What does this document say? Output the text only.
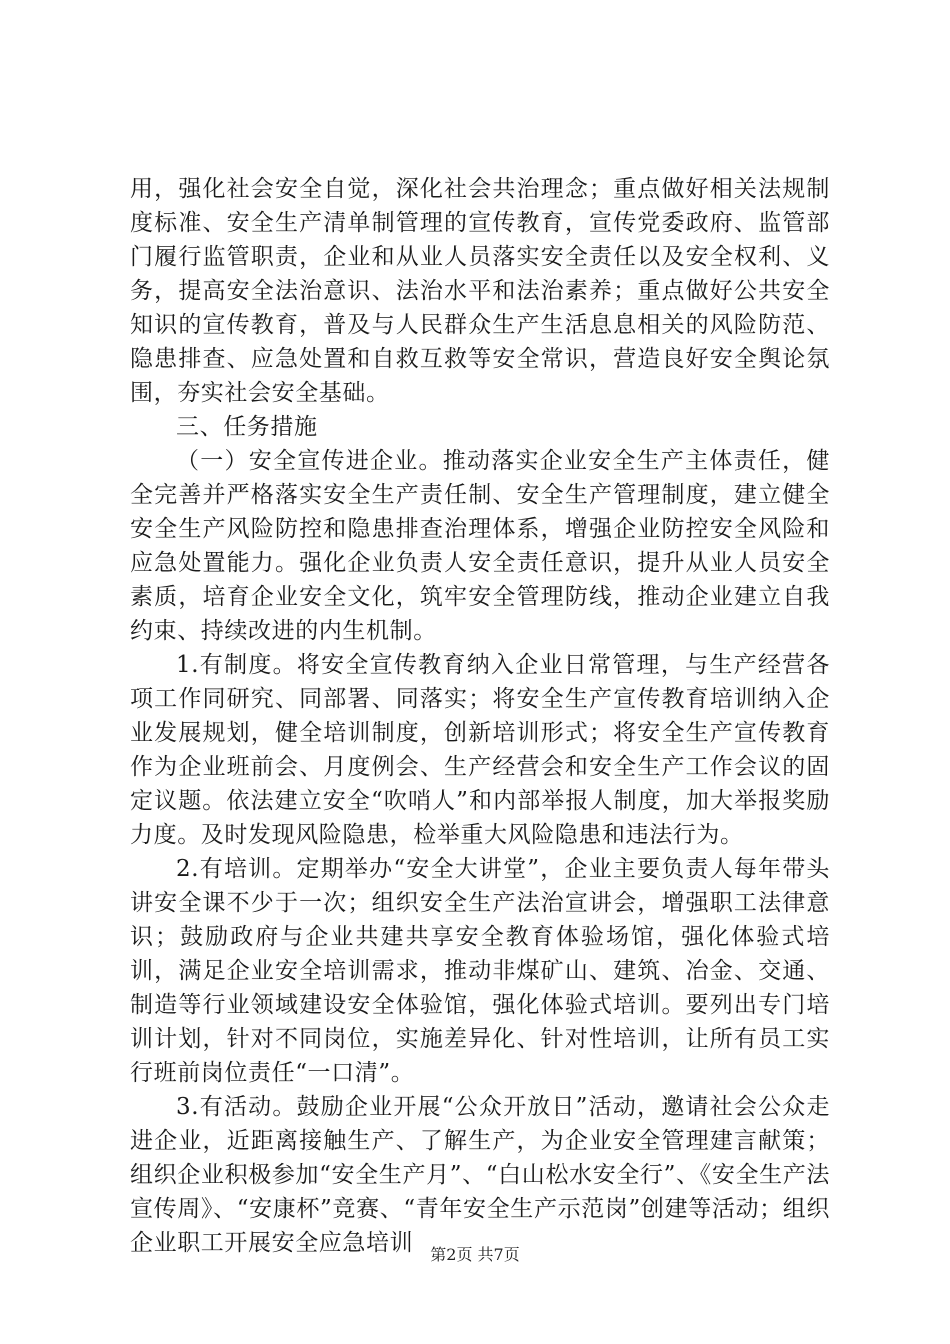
用，强化社会安全自觉，深化社会共治理念；重点做好相关法规制度标准、安全生产清单制管理的宣传教育，宣传党委政府、监管部门履行监管职责，企业和从业人员落实安全责任以及安全权利、义务，提高安全法治意识、法治水平和法治素养；重点做好公共安全知识的宣传教育，普及与人民群众生产生活息息相关的风险防范、隐患排查、应急处置和自救互救等安全常识，营造良好安全舆论氛围，夯实社会安全基础。

三、任务措施

（一）安全宣传进企业。推动落实企业安全生产主体责任，健全完善并严格落实安全生产责任制、安全生产管理制度，建立健全安全生产风险防控和隐患排查治理体系，增强企业防控安全风险和应急处置能力。强化企业负责人安全责任意识，提升从业人员安全素质，培育企业安全文化，筑牢安全管理防线，推动企业建立自我约束、持续改进的内生机制。

1.有制度。将安全宣传教育纳入企业日常管理，与生产经营各项工作同研究、同部署、同落实；将安全生产宣传教育培训纳入企业发展规划，健全培训制度，创新培训形式；将安全生产宣传教育作为企业班前会、月度例会、生产经营会和安全生产工作会议的固定议题。依法建立安全“吹哨人”和内部举报人制度，加大举报奖励力度。及时发现风险隐患，检举重大风险隐患和违法行为。

2.有培训。定期举办“安全大讲堂”，企业主要负责人每年带头讲安全课不少于一次；组织安全生产法治宣讲会，增强职工法律意识；鼓励政府与企业共建共享安全教育体验场馆，强化体验式培训，满足企业安全培训需求，推动非煤矿山、建筑、冶金、交通、制造等行业领域建设安全体验馆，强化体验式培训。要列出专门培训计划，针对不同岗位，实施差异化、针对性培训，让所有员工实行班前岗位责任“一口清”。

3.有活动。鼓励企业开展“公众开放日”活动，邀请社会公众走进企业，近距离接触生产、了解生产，为企业安全管理建言献策；组织企业积极参加“安全生产月”、“白山松水安全行”、《安全生产法宣传周》、“安康杯”竞赛、“青年安全生产示范岗”创建等活动；组织企业职工开展安全应急培训	第2页 共7页
